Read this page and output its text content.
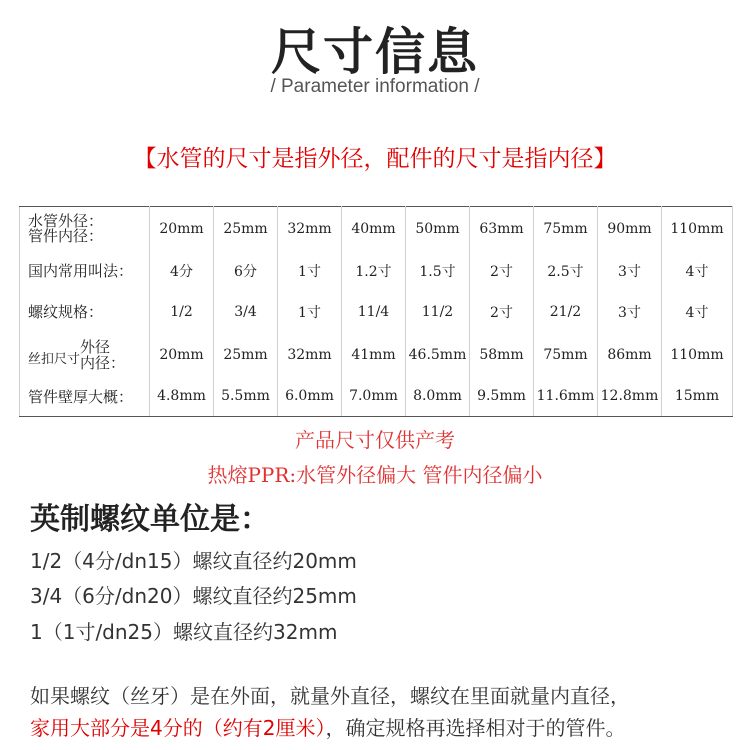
尺寸信息
/ Parameter information /
【水管的尺寸是指外径，配件的尺寸是指内径】
水管外径：
管件内径：	20mm	25mm	32mm	40mm	50mm	63mm	75mm	90mm	110mm
国内常用叫法：	4分	6分	1寸	1.2寸	1.5寸	2寸	2.5寸	3寸	4寸
螺纹规格：	1/2	3/4	1寸	11/4	11/2	2寸	21/2	3寸	4寸

丝扣尺寸
外径
内径：	20mm	25mm	32mm	41mm	46.5mm	58mm	75mm	86mm	110mm
管件壁厚大概：	4.8mm	5.5mm	6.0mm	7.0mm	8.0mm	9.5mm	11.6mm	12.8mm	15mm
产品尺寸仅供产考
热熔PPR:水管外径偏大 管件内径偏小
英制螺纹单位是：
1/2（4分/dn15）螺纹直径约20mm
3/4（6分/dn20）螺纹直径约25mm
1（1寸/dn25）螺纹直径约32mm
如果螺纹（丝牙）是在外面，就量外直径，螺纹在里面就量内直径，
家用大部分是4分的（约有2厘米），确定规格再选择相对于的管件。
